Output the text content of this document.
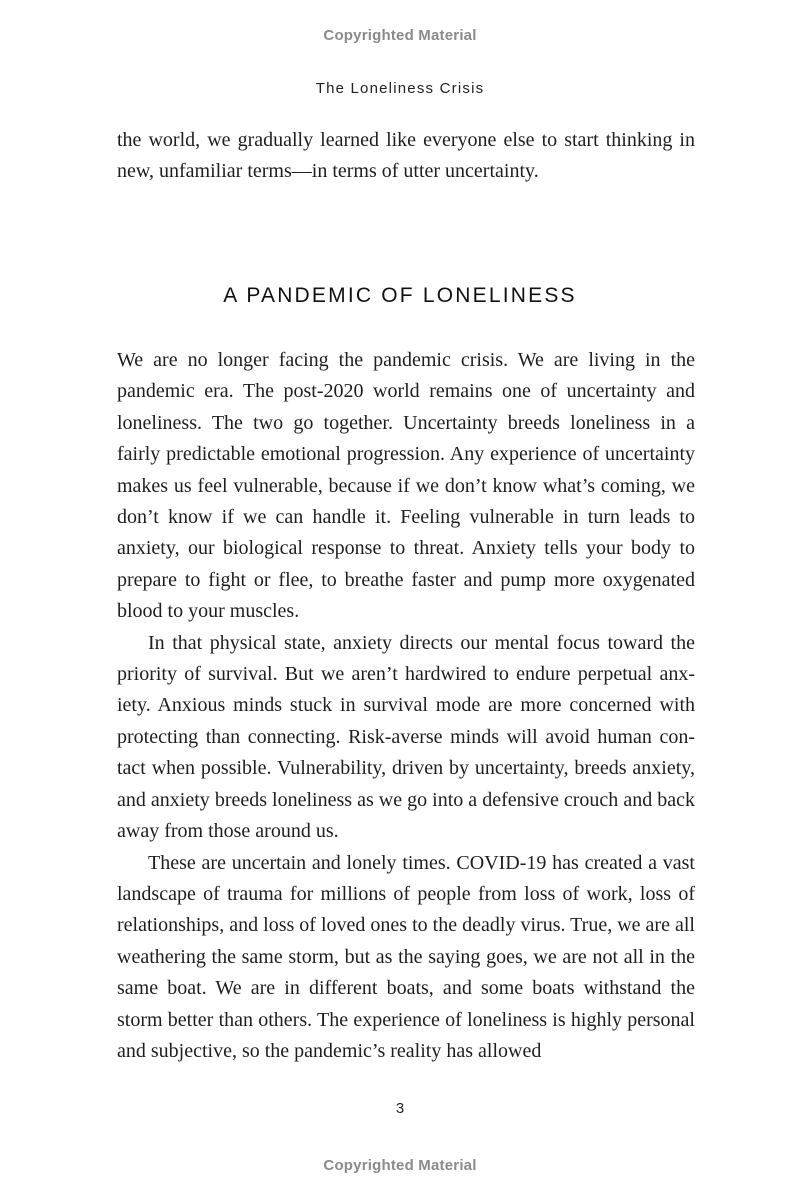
Copyrighted Material
The Loneliness Crisis

the world, we gradually learned like everyone else to start thinking in new, unfamiliar terms—in terms of utter uncertainty.

A PANDEMIC OF LONELINESS

We are no longer facing the pandemic crisis. We are living in the pandemic era. The post-2020 world remains one of uncertainty and loneliness. The two go together. Uncertainty breeds loneliness in a fairly predictable emotional progression. Any experience of uncertainty makes us feel vulnerable, because if we don’t know what’s coming, we don’t know if we can handle it. Feeling vulnerable in turn leads to anxiety, our biological response to threat. Anxiety tells your body to prepare to fight or flee, to breathe faster and pump more oxygenated blood to your muscles.

In that physical state, anxiety directs our mental focus toward the priority of survival. But we aren’t hardwired to endure perpetual anxiety. Anxious minds stuck in survival mode are more concerned with protecting than connecting. Risk-averse minds will avoid human contact when possible. Vulnerability, driven by uncertainty, breeds anxiety, and anxiety breeds loneliness as we go into a defensive crouch and back away from those around us.

These are uncertain and lonely times. COVID-19 has created a vast landscape of trauma for millions of people from loss of work, loss of relationships, and loss of loved ones to the deadly virus. True, we are all weathering the same storm, but as the saying goes, we are not all in the same boat. We are in different boats, and some boats withstand the storm better than others. The experience of loneliness is highly personal and subjective, so the pandemic’s reality has allowed

3
Copyrighted Material
